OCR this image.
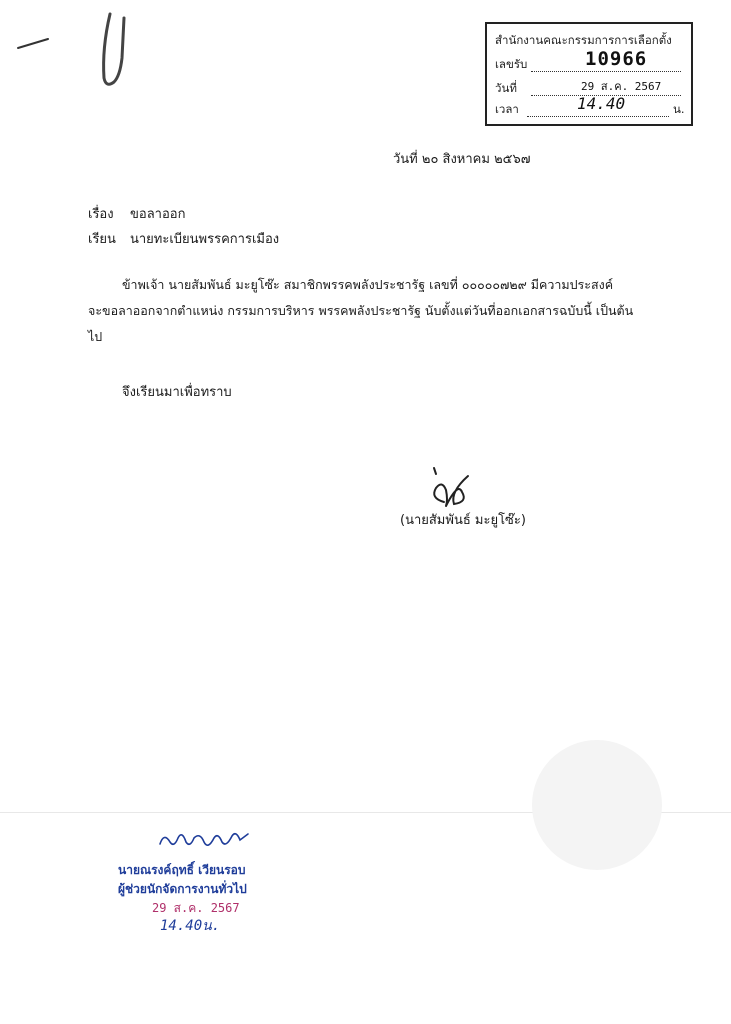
สำนักงานคณะกรรมการการเลือกตั้ง
เลขรับ	10966
วันที่	29 ส.ค. 2567
เวลา	14.40	น.
วันที่ ๒๐ สิงหาคม ๒๕๖๗
เรื่อง ขอลาออก
เรียน นายทะเบียนพรรคการเมือง
ข้าพเจ้า นายสัมพันธ์ มะยูโซ๊ะ สมาชิกพรรคพลังประชารัฐ เลขที่ ๐๐๐๐๐๗๒๙ มีความประสงค์
จะขอลาออกจากตำแหน่ง กรรมการบริหาร พรรคพลังประชารัฐ นับตั้งแต่วันที่ออกเอกสารฉบับนี้ เป็นต้น
ไป
จึงเรียนมาเพื่อทราบ
(นายสัมพันธ์ มะยูโซ๊ะ)
นายณรงค์ฤทธิ์ เวียนรอบ
ผู้ช่วยนักจัดการงานทั่วไป
29 ส.ค. 2567
14.40น.
